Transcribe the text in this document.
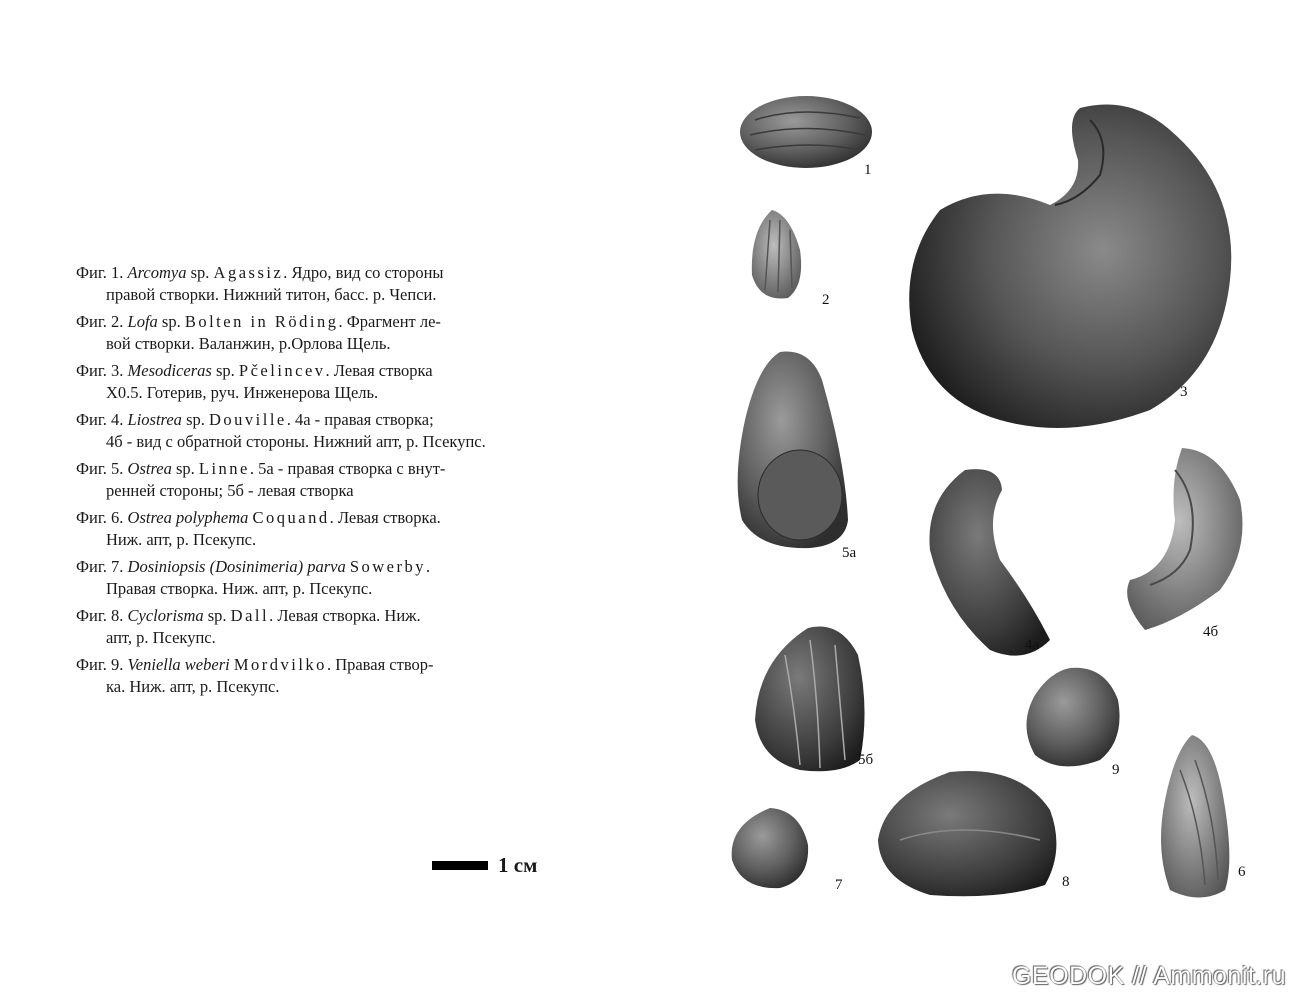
Фиг. 1. Arcomya sp. Agassiz. Ядро, вид со стороны
правой створки. Нижний титон, басс. р. Чепси.
Фиг. 2. Lofa sp. Bolten in Röding. Фрагмент ле-
вой створки. Валанжин, р.Орлова Щель.
Фиг. 3. Mesodiceras sp. Pčelincev. Левая створка
Х0.5. Готерив, руч. Инженерова Щель.
Фиг. 4. Liostrea sp. Douville. 4а - правая створка;
4б - вид с обратной стороны. Нижний апт, р. Псекупс.
Фиг. 5. Ostrea sp. Linne. 5а - правая створка с внут-
ренней стороны; 5б - левая створка
Фиг. 6. Ostrea polyphema Coquand. Левая створка.
Ниж. апт, р. Псекупс.
Фиг. 7. Dosiniopsis (Dosinimeria) parva Sowerby.
Правая створка. Ниж. апт, р. Псекупс.
Фиг. 8. Cyclorisma sp. Dall. Левая створка. Ниж.
апт, р. Псекупс.
Фиг. 9. Veniella weberi Mordvilko. Правая створ-
ка. Ниж. апт, р. Псекупс.
1 см
1
2
3
5а
4а
4б
5б
9
7	8
6
GEODOK // Ammonit.ru
